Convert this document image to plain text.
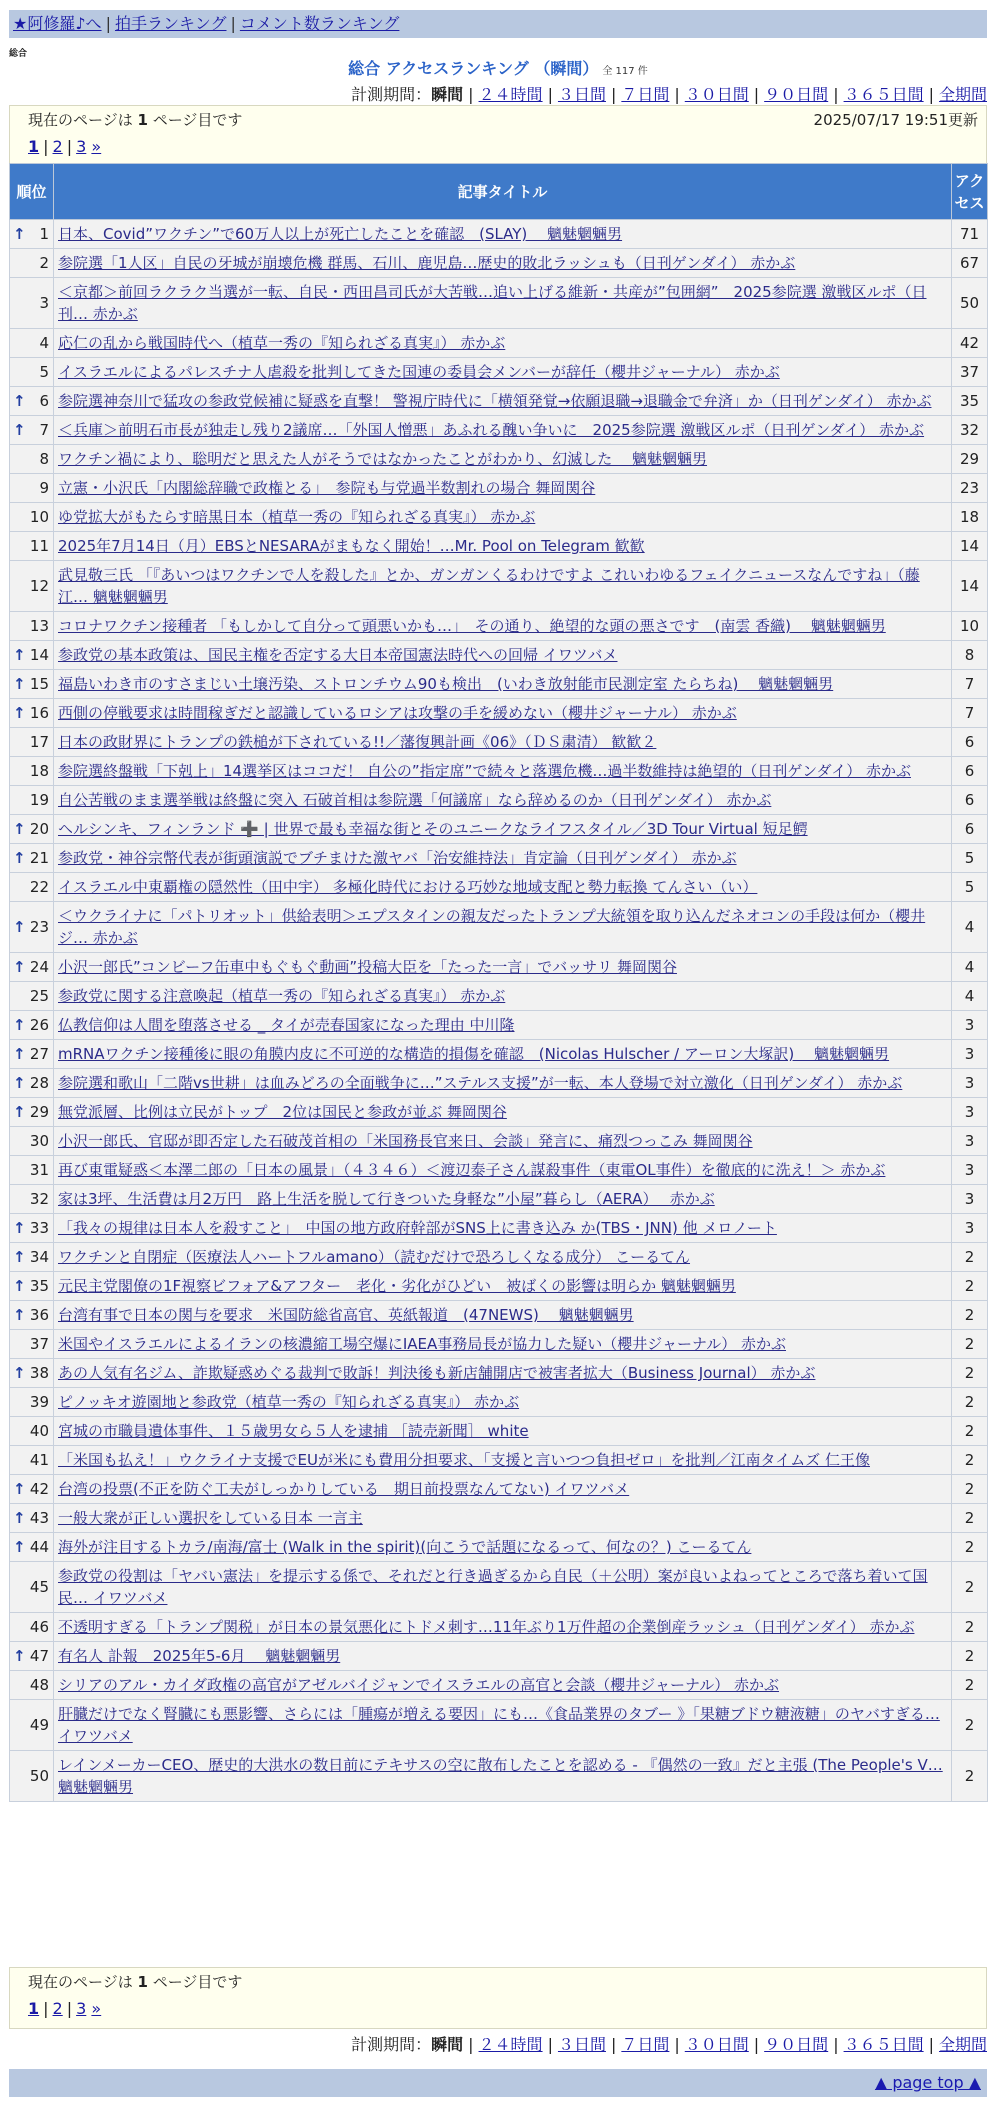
★阿修羅♪へ | 拍手ランキング | コメント数ランキング
総合
総合 アクセスランキング （瞬間） 全 117 件
計測期間：瞬間 | ２４時間 | ３日間 | ７日間 | ３０日間 | ９０日間 | ３６５日間 | 全期間
現在のページは 1 ページ目です	2025/07/17 19:51更新
1 | 2 | 3 »
順位	記事タイトル	アクセス

↑ 1	日本、Covid”ワクチン”で60万人以上が死亡したことを確認　(SLAY)　 魑魅魍魎男	71
2	参院選「1人区」自民の牙城が崩壊危機 群馬、石川、鹿児島…歴史的敗北ラッシュも（日刊ゲンダイ） 赤かぶ	67
3	＜京都＞前回ラクラク当選が一転、自民・西田昌司氏が大苦戦…追い上げる維新・共産が”包囲網”　2025参院選 激戦区ルポ（日刊… 赤かぶ	50
4	応仁の乱から戦国時代へ（植草一秀の『知られざる真実』） 赤かぶ	42
5	イスラエルによるパレスチナ人虐殺を批判してきた国連の委員会メンバーが辞任（櫻井ジャーナル） 赤かぶ	37

↑ 6	参院選神奈川で猛攻の参政党候補に疑惑を直撃！ 警視庁時代に「横領発覚→依願退職→退職金で弁済」か（日刊ゲンダイ） 赤かぶ	35

↑ 7	＜兵庫＞前明石市長が独走し残り2議席…「外国人憎悪」あふれる醜い争いに　2025参院選 激戦区ルポ（日刊ゲンダイ） 赤かぶ	32
8	ワクチン禍により、聡明だと思えた人がそうではなかったことがわかり、幻滅した　 魑魅魍魎男	29
9	立憲・小沢氏「内閣総辞職で政権とる」　参院も与党過半数割れの場合 舞岡関谷	23
10	ゆ党拡大がもたらす暗黒日本（植草一秀の『知られざる真実』） 赤かぶ	18
11	2025年7月14日（月）EBSとNESARAがまもなく開始！…Mr. Pool on Telegram 歓歓	14
12	武見敬三氏 「『あいつはワクチンで人を殺した』とか、ガンガンくるわけですよ これいわゆるフェイクニュースなんですね」（藤江… 魑魅魍魎男	14
13	コロナワクチン接種者 「もしかして自分って頭悪いかも…」　その通り、絶望的な頭の悪さです　(南雲 香織)　 魑魅魍魎男	10

↑ 14	参政党の基本政策は、国民主権を否定する大日本帝国憲法時代への回帰 イワツバメ	8

↑ 15	福島いわき市のすさまじい土壌汚染、ストロンチウム90も検出　(いわき放射能市民測定室 たらちね)　 魑魅魍魎男	7

↑ 16	西側の停戦要求は時間稼ぎだと認識しているロシアは攻撃の手を緩めない（櫻井ジャーナル） 赤かぶ	7
17	日本の政財界にトランプの鉄槌が下されている!!／藩復興計画《06》（ＤＳ粛清） 歓歓２	6
18	参院選終盤戦「下剋上」14選挙区はココだ！ 自公の”指定席”で続々と落選危機…過半数維持は絶望的（日刊ゲンダイ） 赤かぶ	6
19	自公苦戦のまま選挙戦は終盤に突入 石破首相は参院選「何議席」なら辞めるのか（日刊ゲンダイ） 赤かぶ	6

↑ 20	ヘルシンキ、フィンランド ➕ | 世界で最も幸福な街とそのユニークなライフスタイル／3D Tour Virtual 短足鰐	6

↑ 21	参政党・神谷宗幣代表が街頭演説でブチまけた激ヤバ「治安維持法」肯定論（日刊ゲンダイ） 赤かぶ	5
22	イスラエル中東覇権の隠然性（田中宇） 多極化時代における巧妙な地域支配と勢力転換 てんさい（い）	5

↑ 23	＜ウクライナに「パトリオット」供給表明＞エプスタインの親友だったトランプ大統領を取り込んだネオコンの手段は何か（櫻井ジ… 赤かぶ	4

↑ 24	小沢一郎氏”コンビーフ缶車中もぐもぐ動画”投稿大臣を「たった一言」でバッサリ 舞岡関谷	4
25	参政党に関する注意喚起（植草一秀の『知られざる真実』） 赤かぶ	4

↑ 26	仏教信仰は人間を堕落させる _ タイが売春国家になった理由 中川隆	3

↑ 27	mRNAワクチン接種後に眼の角膜内皮に不可逆的な構造的損傷を確認　(Nicolas Hulscher / アーロン大塚訳)　 魑魅魍魎男	3

↑ 28	参院選和歌山「二階vs世耕」は血みどろの全面戦争に…”ステルス支援”が一転、本人登場で対立激化（日刊ゲンダイ） 赤かぶ	3

↑ 29	無党派層、比例は立民がトップ　2位は国民と参政が並ぶ 舞岡関谷	3
30	小沢一郎氏、官邸が即否定した石破茂首相の「米国務長官来日、会談」発言に、痛烈つっこみ 舞岡関谷	3
31	再び東電疑惑＜本澤二郎の「日本の風景」（４３４６）＜渡辺泰子さん謀殺事件（東電OL事件）を徹底的に洗え！＞ 赤かぶ	3
32	家は3坪、生活費は月2万円　路上生活を脱して行きついた身軽な”小屋”暮らし（AERA）　 赤かぶ	3

↑ 33	「我々の規律は日本人を殺すこと」　中国の地方政府幹部がSNS上に書き込み か(TBS・JNN) 他 メロノート	3

↑ 34	ワクチンと自閉症（医療法人ハートフルamano）（読むだけで恐ろしくなる成分） こーるてん	2

↑ 35	元民主党閣僚の1F視察ビフォア&アフター　老化・劣化がひどい　被ばくの影響は明らか 魑魅魍魎男	2

↑ 36	台湾有事で日本の関与を要求　米国防総省高官、英紙報道　(47NEWS)　 魑魅魍魎男	2
37	米国やイスラエルによるイランの核濃縮工場空爆にIAEA事務局長が協力した疑い（櫻井ジャーナル） 赤かぶ	2

↑ 38	あの人気有名ジム、詐欺疑惑めぐる裁判で敗訴！判決後も新店舗開店で被害者拡大（Business Journal） 赤かぶ	2
39	ピノッキオ遊園地と参政党（植草一秀の『知られざる真実』） 赤かぶ	2
40	宮城の市職員遺体事件、１５歳男女ら５人を逮捕 ［読売新聞］ white	2
41	「米国も払え！」ウクライナ支援でEUが米にも費用分担要求、「支援と言いつつ負担ゼロ」を批判／江南タイムズ 仁王像	2

↑ 42	台湾の投票(不正を防ぐ工夫がしっかりしている　期日前投票なんてない) イワツバメ	2

↑ 43	一般大衆が正しい選択をしている日本 一言主	2

↑ 44	海外が注目するトカラ/南海/富士 (Walk in the spirit)(向こうで話題になるって、何なの？) こーるてん	2
45	参政党の役割は「ヤバい憲法」を提示する係で、それだと行き過ぎるから自民（＋公明）案が良いよねってところで落ち着いて国民… イワツバメ	2
46	不透明すぎる「トランプ関税」が日本の景気悪化にトドメ刺す…11年ぶり1万件超の企業倒産ラッシュ（日刊ゲンダイ） 赤かぶ	2

↑ 47	有名人 訃報　2025年5-6月　 魑魅魍魎男	2
48	シリアのアル・カイダ政権の高官がアゼルバイジャンでイスラエルの高官と会談（櫻井ジャーナル） 赤かぶ	2
49	肝臓だけでなく腎臓にも悪影響、さらには「腫瘍が増える要因」にも…《食品業界のタブー 》「果糖ブドウ糖液糖」のヤバすぎる… イワツバメ	2
50	レインメーカーCEO、歴史的大洪水の数日前にテキサスの空に散布したことを認める - 『偶然の一致』だと主張 (The People's V… 魑魅魍魎男	2
現在のページは 1 ページ目です
1 | 2 | 3 »
計測期間：瞬間 | ２４時間 | ３日間 | ７日間 | ３０日間 | ９０日間 | ３６５日間 | 全期間
▲ page top ▲
